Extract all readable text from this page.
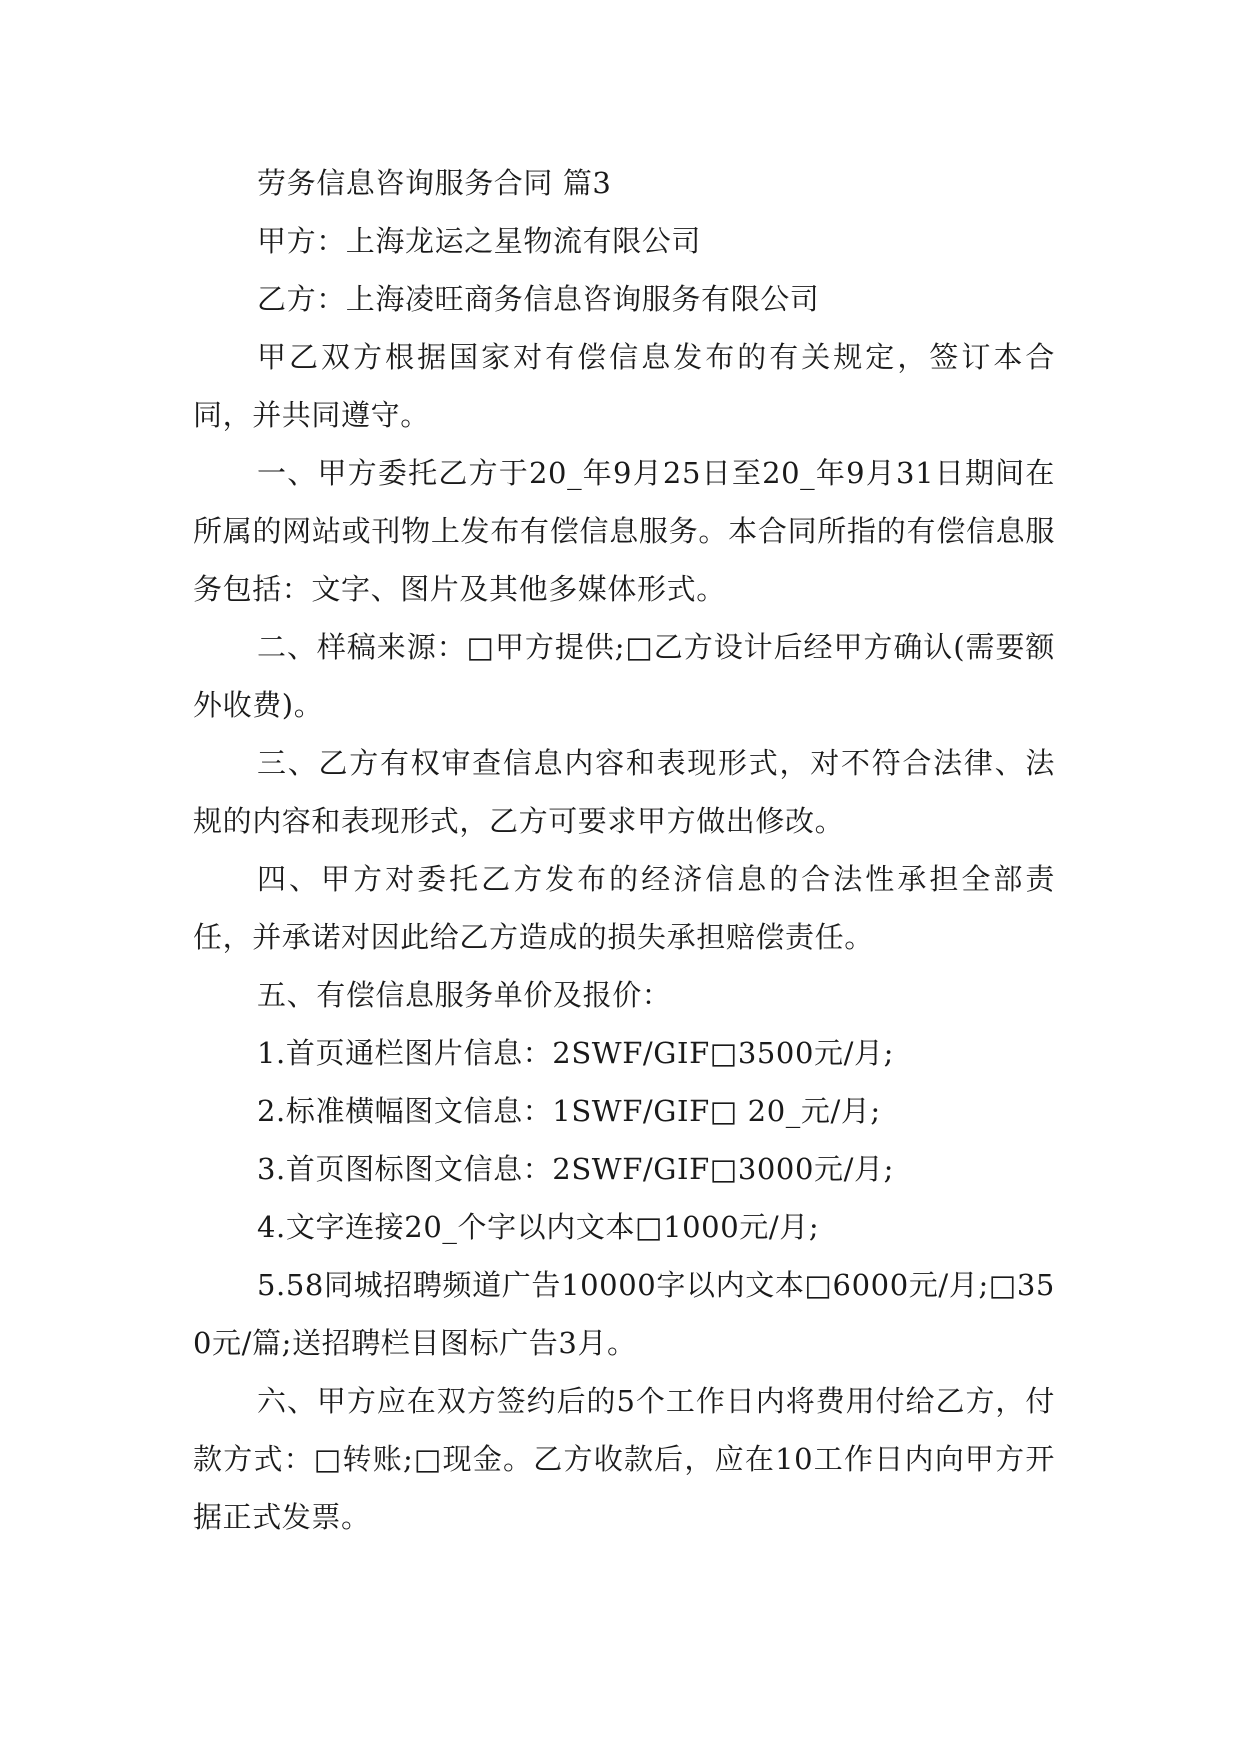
劳务信息咨询服务合同 篇3

甲方：上海龙运之星物流有限公司

乙方：上海凌旺商务信息咨询服务有限公司

甲乙双方根据国家对有偿信息发布的有关规定，签订本合同，并共同遵守。

一、甲方委托乙方于20_年9月25日至20_年9月31日期间在所属的网站或刊物上发布有偿信息服务。本合同所指的有偿信息服务包括：文字、图片及其他多媒体形式。

二、样稿来源：□甲方提供;□乙方设计后经甲方确认(需要额外收费)。

三、乙方有权审查信息内容和表现形式，对不符合法律、法规的内容和表现形式，乙方可要求甲方做出修改。

四、甲方对委托乙方发布的经济信息的合法性承担全部责任，并承诺对因此给乙方造成的损失承担赔偿责任。

五、有偿信息服务单价及报价：

1.首页通栏图片信息：2SWF/GIF□3500元/月;

2.标准横幅图文信息：1SWF/GIF□ 20_元/月;

3.首页图标图文信息：2SWF/GIF□3000元/月;

4.文字连接20_个字以内文本□1000元/月;

5.58同城招聘频道广告10000字以内文本□6000元/月;□350元/篇;送招聘栏目图标广告3月。

六、甲方应在双方签约后的5个工作日内将费用付给乙方，付款方式：□转账;□现金。乙方收款后，应在10工作日内向甲方开据正式发票。
